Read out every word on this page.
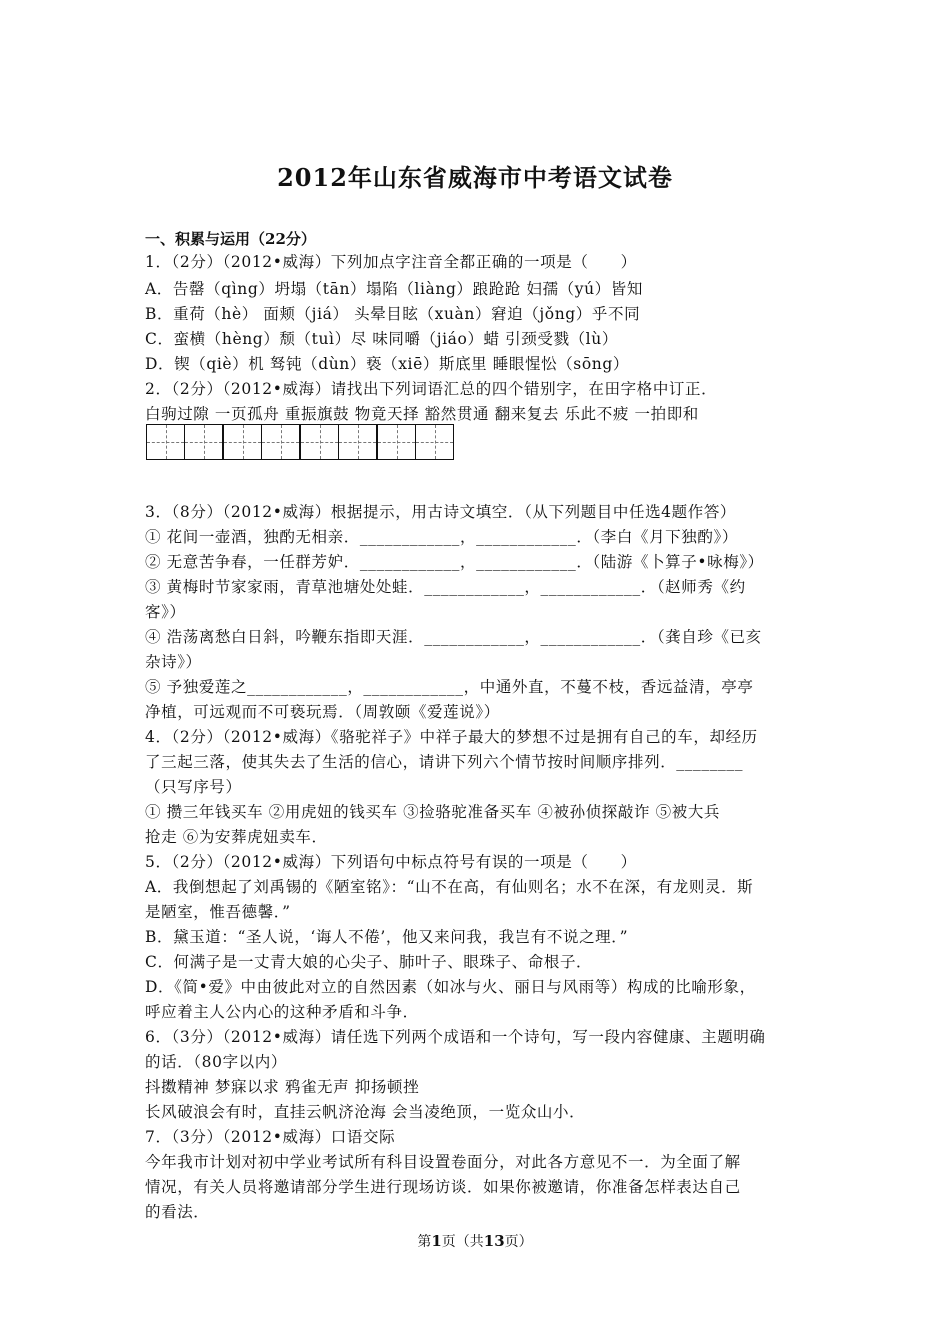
2012年山东省威海市中考语文试卷
一、积累与运用（22分）
1．（2分）（2012•威海）下列加点字注音全都正确的一项是（　　）
A．告罄（qìng）坍塌（tān）塌陷（liàng）踉跄跄 妇孺（yú）皆知
B．重荷（hè） 面颊（jiá） 头晕目眩（xuàn）窘迫（jǒng）乎不同
C．蛮横（hèng）颓（tuì）尽 味同嚼（jiáo）蜡 引颈受戮（lù）
D．锲（qiè）机 驽钝（dùn）亵（xiē）斯底里 睡眼惺忪（sōng）
2．（2分）（2012•威海）请找出下列词语汇总的四个错别字，在田字格中订正．
白驹过隙 一页孤舟 重振旗鼓 物竟天择 豁然贯通 翻来复去 乐此不疲 一拍即和
3．（8分）（2012•威海）根据提示，用古诗文填空．（从下列题目中任选4题作答）
① 花间一壶酒，独酌无相亲．____________，____________．（李白《月下独酌》）
② 无意苦争春，一任群芳妒．____________，____________．（陆游《卜算子•咏梅》）
③ 黄梅时节家家雨，青草池塘处处蛙．____________，____________．（赵师秀《约
客》）
④ 浩荡离愁白日斜，吟鞭东指即天涯．____________，____________．（龚自珍《已亥
杂诗》）
⑤ 予独爱莲之____________，____________，中通外直，不蔓不枝，香远益清，亭亭
净植，可远观而不可亵玩焉．（周敦颐《爱莲说》）
4．（2分）（2012•威海）《骆驼祥子》中祥子最大的梦想不过是拥有自己的车，却经历
了三起三落，使其失去了生活的信心，请讲下列六个情节按时间顺序排列．________
（只写序号）
① 攒三年钱买车 ②用虎妞的钱买车 ③捡骆驼准备买车 ④被孙侦探敲诈 ⑤被大兵
抢走 ⑥为安葬虎妞卖车．
5．（2分）（2012•威海）下列语句中标点符号有误的一项是（　　）
A．我倒想起了刘禹锡的《陋室铭》：“山不在高，有仙则名；水不在深，有龙则灵．斯
是陋室，惟吾德馨．”
B．黛玉道：“圣人说，‘诲人不倦’，他又来问我，我岂有不说之理．”
C．何满子是一丈青大娘的心尖子、肺叶子、眼珠子、命根子．
D．《简•爱》中由彼此对立的自然因素（如冰与火、丽日与风雨等）构成的比喻形象，
呼应着主人公内心的这种矛盾和斗争．
6．（3分）（2012•威海）请任选下列两个成语和一个诗句，写一段内容健康、主题明确
的话．（80字以内）
抖擞精神 梦寐以求 鸦雀无声 抑扬顿挫
长风破浪会有时，直挂云帆济沧海 会当凌绝顶，一览众山小．
7．（3分）（2012•威海）口语交际
今年我市计划对初中学业考试所有科目设置卷面分，对此各方意见不一．为全面了解
情况，有关人员将邀请部分学生进行现场访谈．如果你被邀请，你准备怎样表达自己
的看法．

第1页（共13页）
